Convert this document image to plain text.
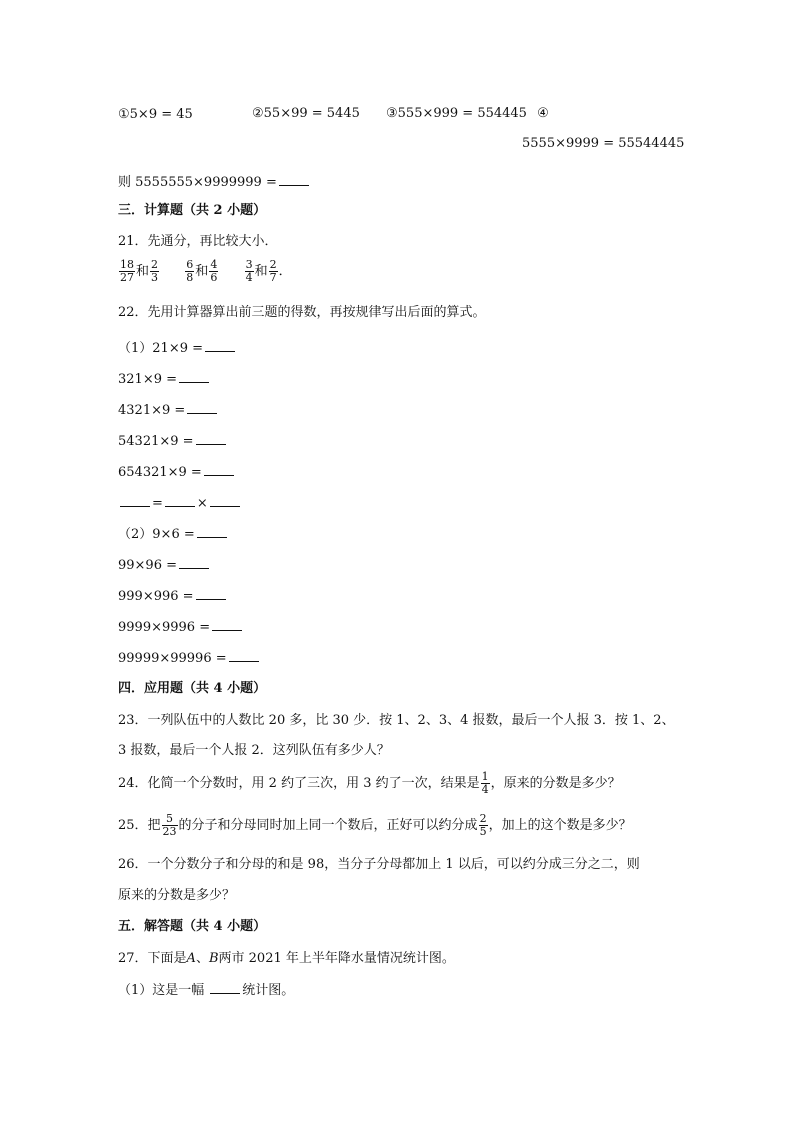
①5×9 = 45	②55×99 = 5445 ③555×999 = 554445 ④
5555×9999 = 55544445
则 5555555×9999999 =
三．计算题（共 2 小题）
21．先通分，再比较大小．
$\frac{18}{27}$ 和 $\frac{2}{3}$
$\frac{6}{8}$ 和 $\frac{4}{6}$
$\frac{3}{4}$ 和 $\frac{2}{7}$ ．
22．先用计算器算出前三题的得数，再按规律写出后面的算式。
（1）21×9 =
321×9 =
4321×9 =
54321×9 =
654321×9 =
=	×
（2）9×6 =
99×96 =
999×996 =
9999×9996 =
99999×99996 =
四．应用题（共 4 小题）
23．一列队伍中的人数比 20 多，比 30 少．按 1、2、3、4 报数，最后一个人报 3．按 1、2、
3 报数，最后一个人报 2．这列队伍有多少人？
24．化简一个分数时，用 2 约了三次，用 3 约了一次，结果是 $\frac{1}{4}$ ，原来的分数是多少？
25．把 $\frac{5}{23}$ 的分子和分母同时加上同一个数后，正好可以约分成 $\frac{2}{5}$ ，加上的这个数是多少？
26．一个分数分子和分母的和是 98，当分子分母都加上 1 以后，可以约分成三分之二，则
原来的分数是多少？
五．解答题（共 4 小题）
27．下面是A、B两市 2021 年上半年降水量情况统计图。
（1）这是一幅	统计图。
